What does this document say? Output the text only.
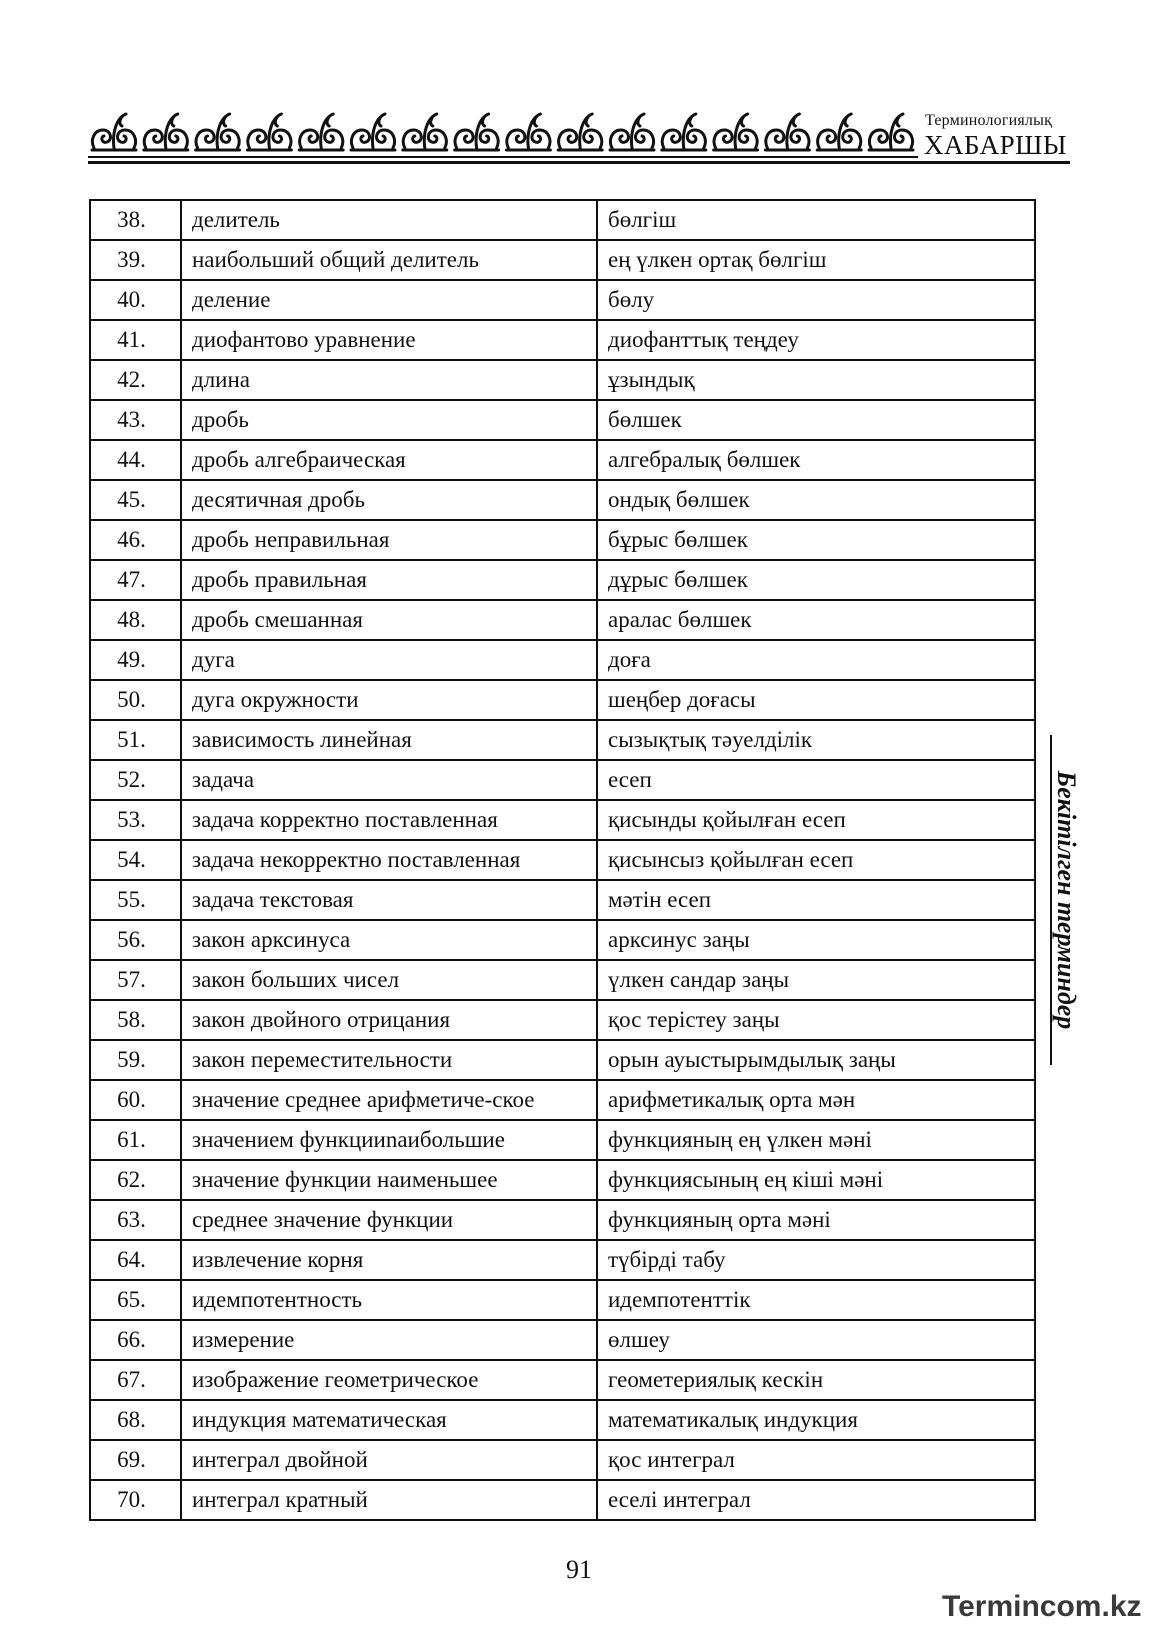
Терминологиялық
ХАБАРШЫ
38.	делитель	бөлгіш
39.	наибольший общий делитель	ең үлкен ортақ бөлгіш
40.	деление	бөлу
41.	диофантово уравнение	диофанттық теңдеу
42.	длина	ұзындық
43.	дробь	бөлшек
44.	дробь алгебраическая	алгебралық бөлшек
45.	десятичная дробь	ондық бөлшек
46.	дробь неправильная	бұрыс бөлшек
47.	дробь правильная	дұрыс бөлшек
48.	дробь смешанная	аралас бөлшек
49.	дуга	доға
50.	дуга окружности	шеңбер доғасы
51.	зависимость линейная	сызықтық тәуелділік
52.	задача	есеп
53.	задача корректно поставленная	қисынды қойылған есеп
54.	задача некорректно поставленная	қисынсыз қойылған есеп
55.	задача текстовая	мәтін есеп
56.	закон арксинуса	арксинус заңы
57.	закон больших чисел	үлкен сандар заңы
58.	закон двойного отрицания	қос терістеу заңы
59.	закон переместительности	орын ауыстырымдылық заңы
60.	значение среднее арифметиче-ское	арифметикалық орта мән
61.	значением функцииnаибольшие	функцияның ең үлкен мәні
62.	значение функции наименьшее	функциясының ең кіші мәні
63.	среднее значение функции	функцияның орта мәні
64.	извлечение корня	түбірді табу
65.	идемпотентность	идемпотенттік
66.	измерение	өлшеу
67.	изображение геометрическое	геометериялық кескін
68.	индукция математическая	математикалық индукция
69.	интеграл двойной	қос интеграл
70.	интеграл кратный	еселі интеграл
Бекітілген терминдер
91
Termincom.kz
